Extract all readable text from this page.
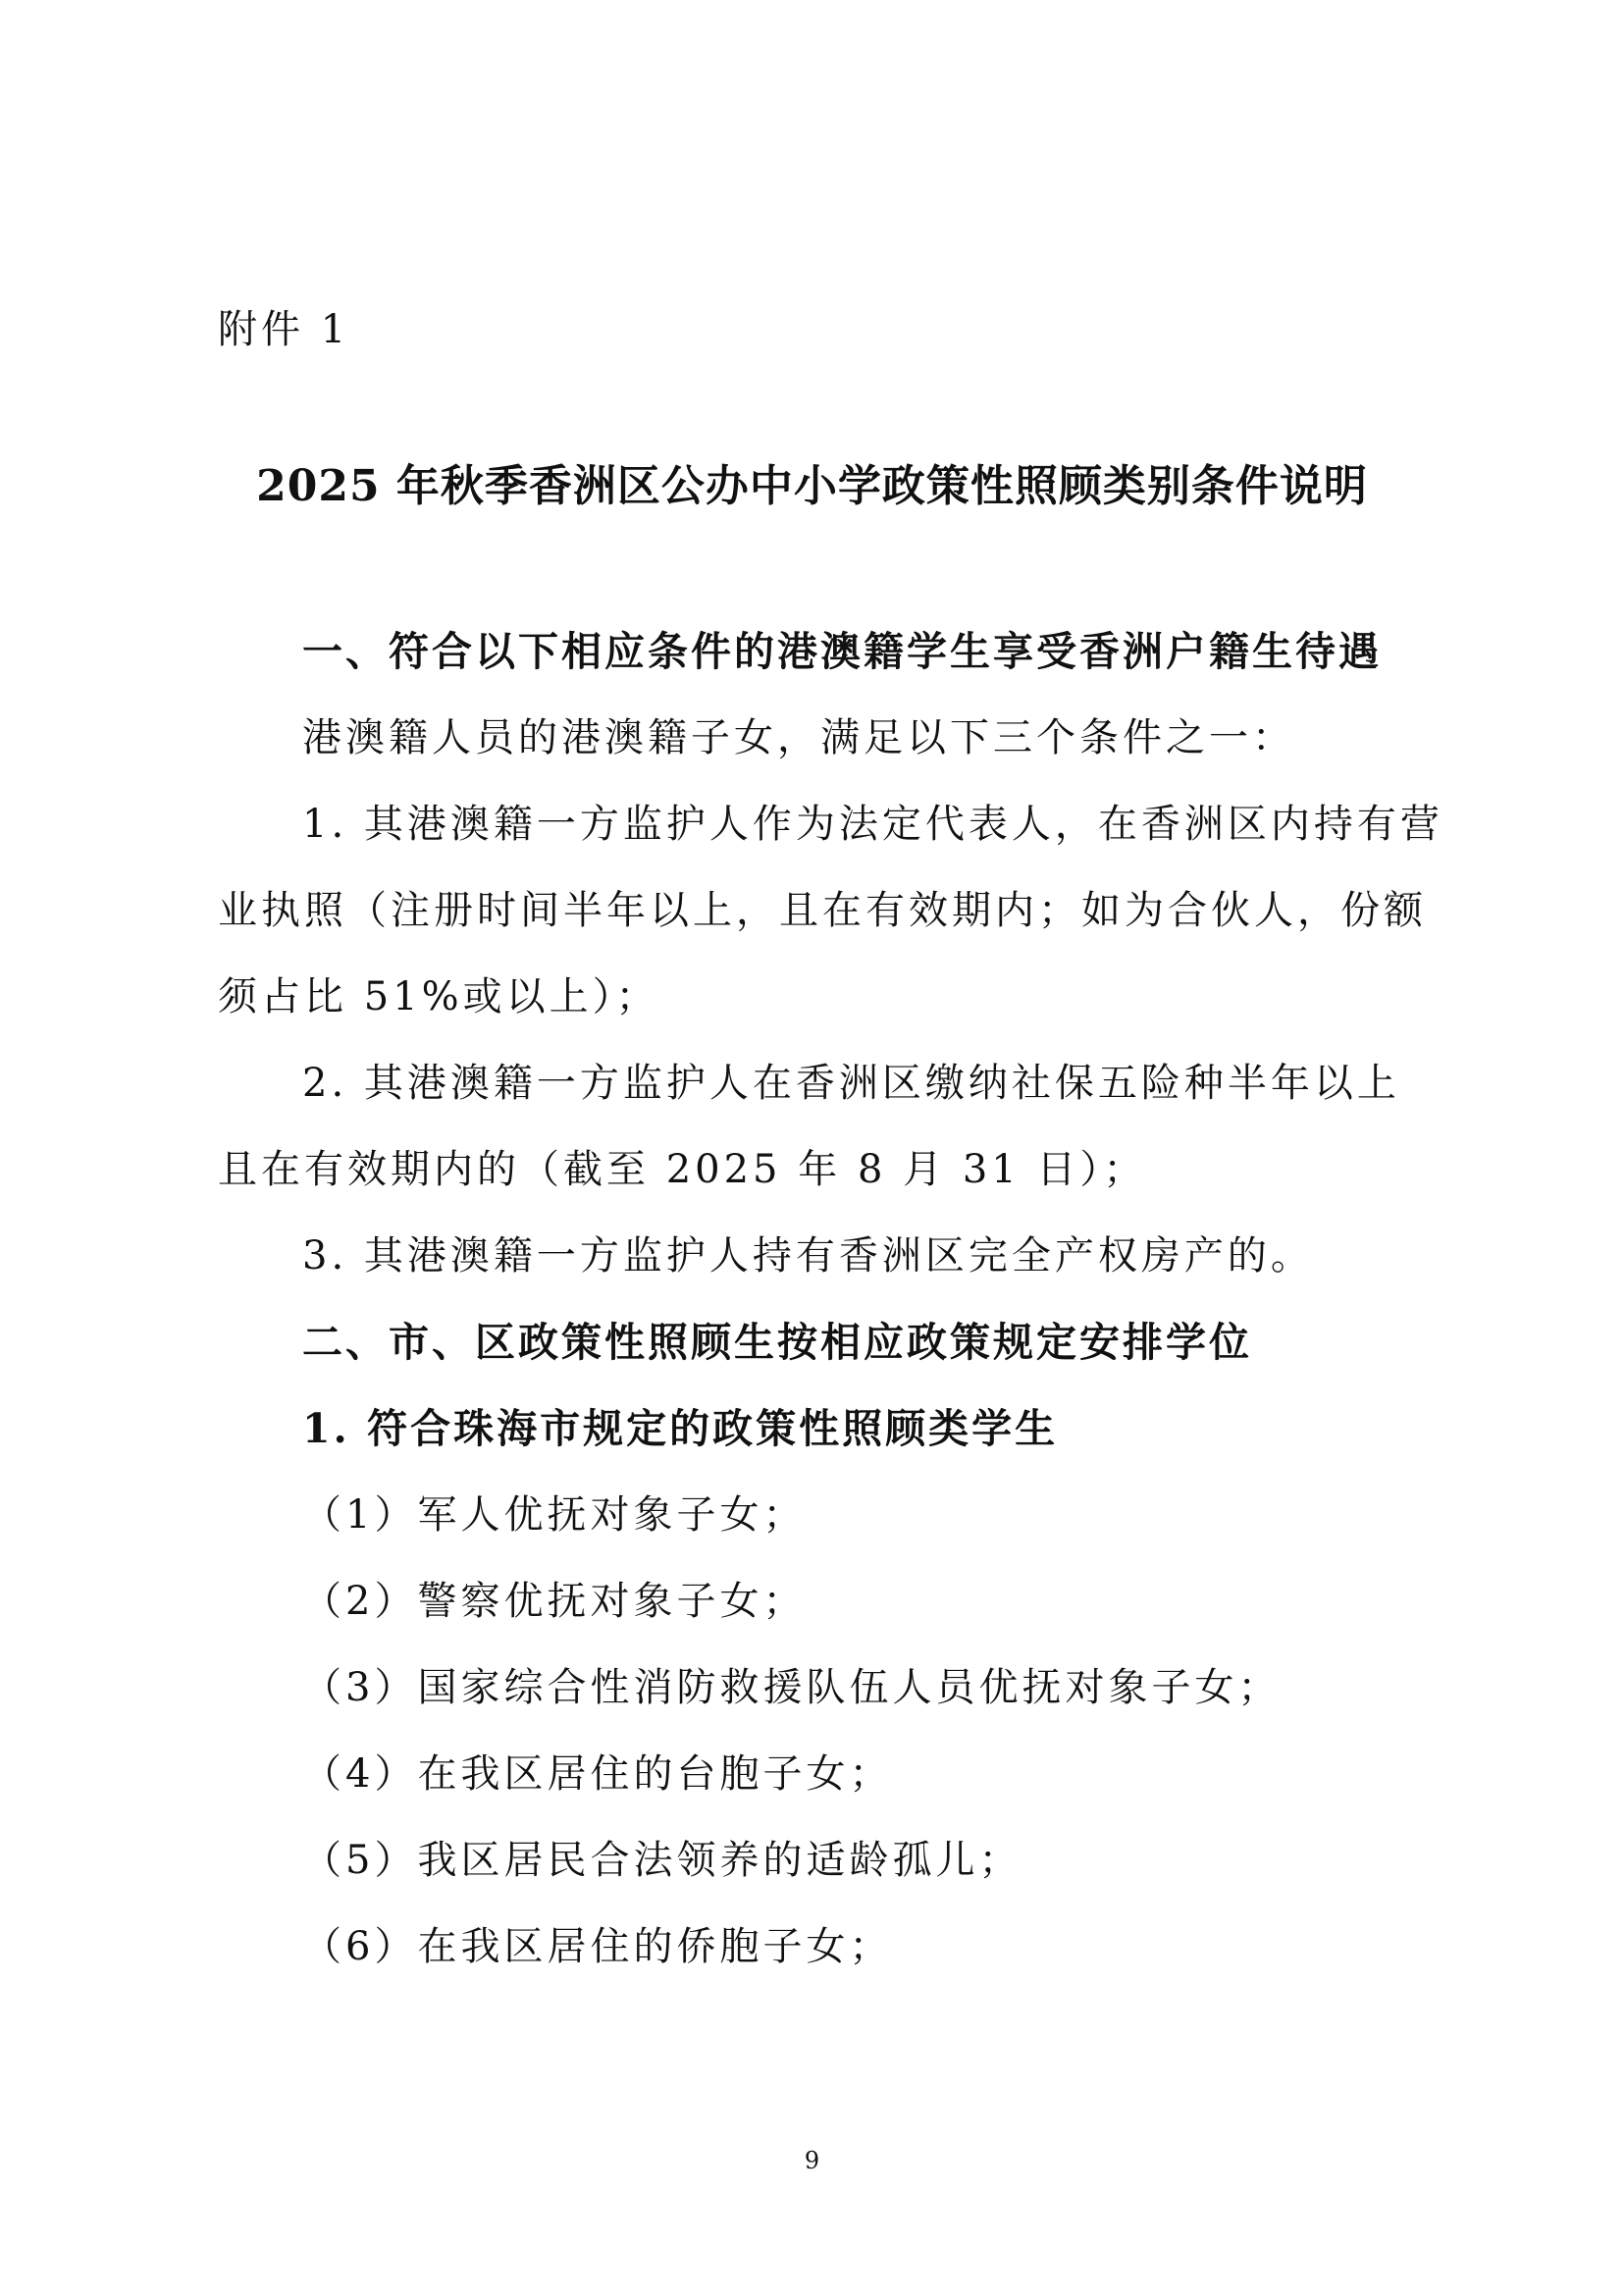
附件 1
2025 年秋季香洲区公办中小学政策性照顾类别条件说明
一、符合以下相应条件的港澳籍学生享受香洲户籍生待遇
港澳籍人员的港澳籍子女，满足以下三个条件之一：
1. 其港澳籍一方监护人作为法定代表人，在香洲区内持有营
业执照（注册时间半年以上，且在有效期内；如为合伙人，份额
须占比 51%或以上）；
2. 其港澳籍一方监护人在香洲区缴纳社保五险种半年以上
且在有效期内的（截至 2025 年 8 月 31 日）；
3. 其港澳籍一方监护人持有香洲区完全产权房产的。
二、市、区政策性照顾生按相应政策规定安排学位
1. 符合珠海市规定的政策性照顾类学生
（1）军人优抚对象子女；
（2）警察优抚对象子女；
（3）国家综合性消防救援队伍人员优抚对象子女；
（4）在我区居住的台胞子女；
（5）我区居民合法领养的适龄孤儿；
（6）在我区居住的侨胞子女；
9
